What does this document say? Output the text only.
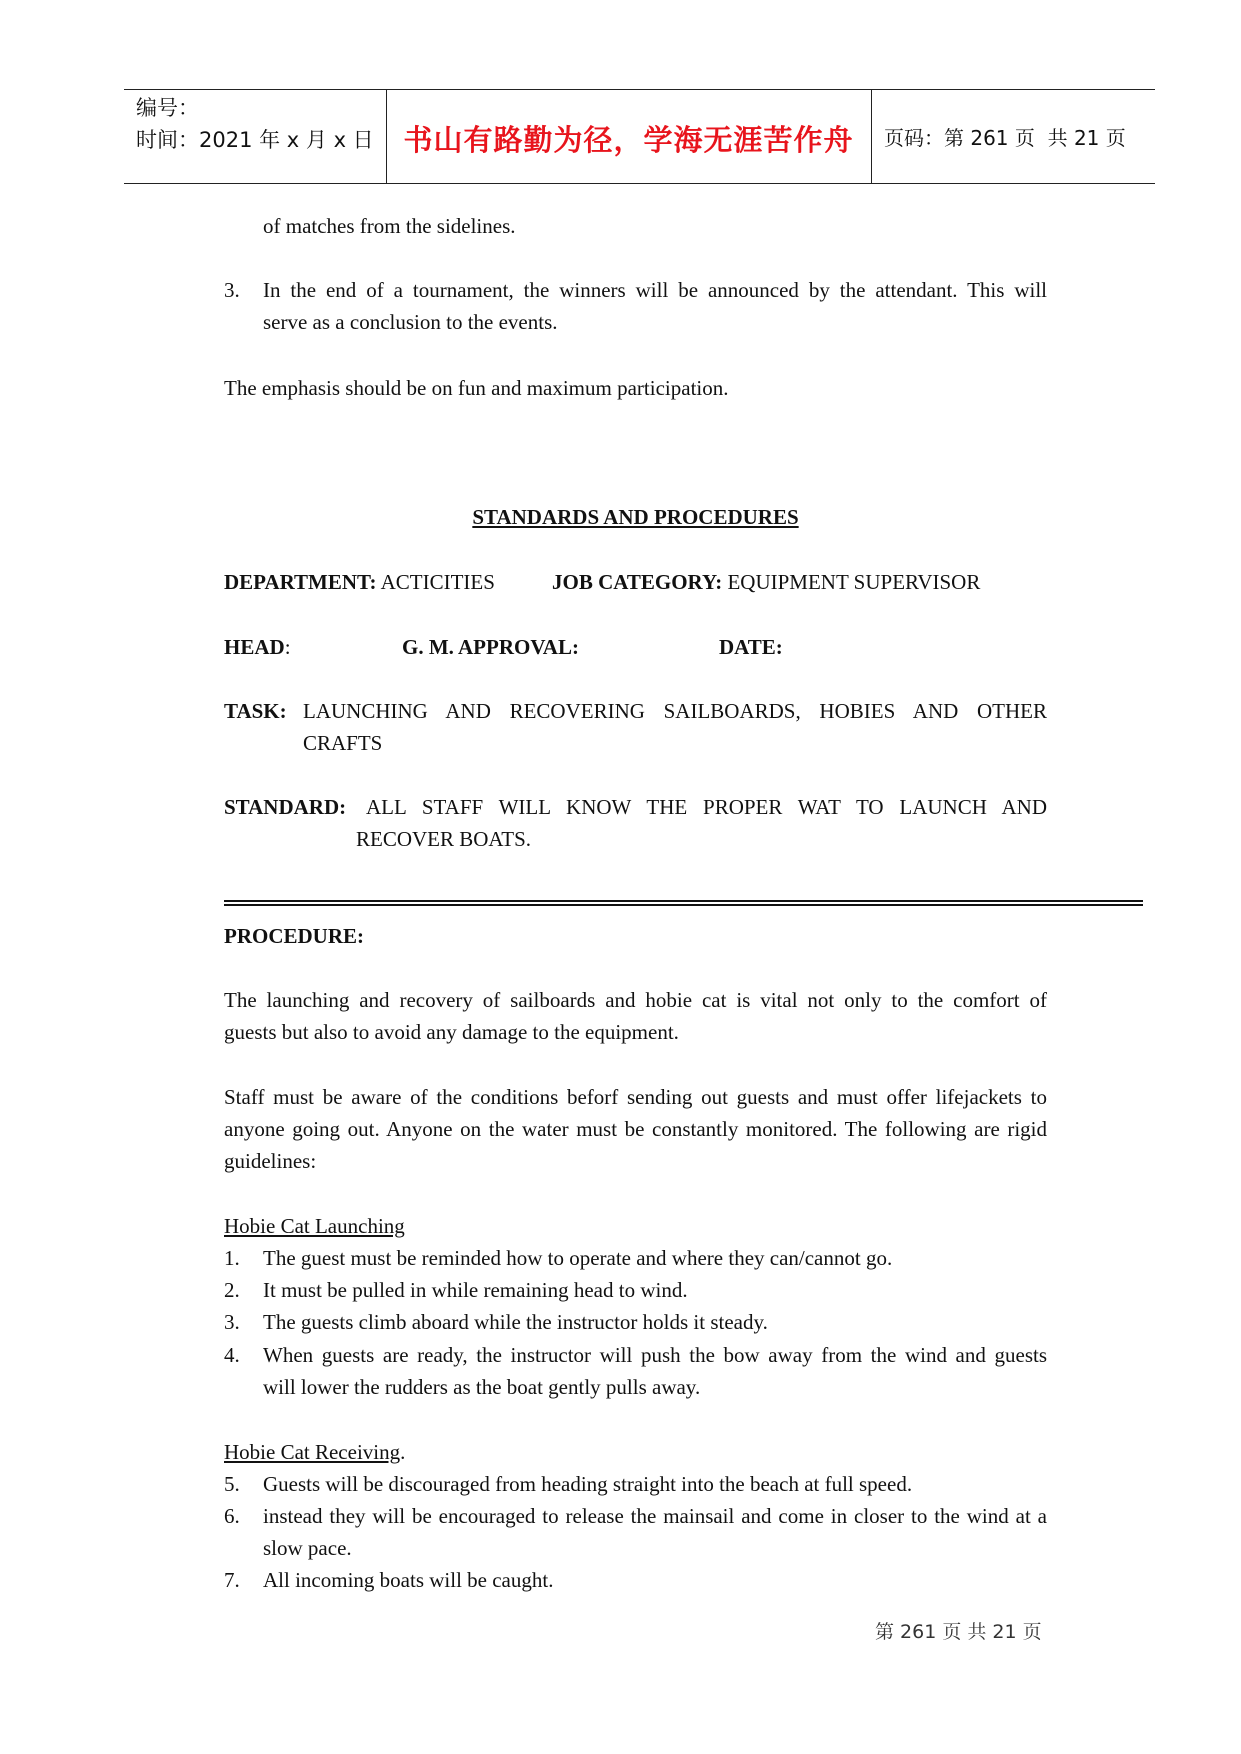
编号：
时间：2021 年 x 月 x 日	书山有路勤为径，学海无涯苦作舟	页码：第 261 页  共 21 页
of matches from the sidelines.
3. In the end of a tournament, the winners will be announced by the attendant. This will
serve as a conclusion to the events.
The emphasis should be on fun and maximum participation.
STANDARDS AND PROCEDURES
DEPARTMENT: ACTICITIES	JOB CATEGORY: EQUIPMENT SUPERVISOR
HEAD:	G. M. APPROVAL:	DATE:
TASK: LAUNCHING AND RECOVERING SAILBOARDS, HOBIES AND OTHER
CRAFTS
STANDARD: ALL STAFF WILL KNOW THE PROPER WAT TO LAUNCH AND
RECOVER BOATS.
PROCEDURE:
The launching and recovery of sailboards and hobie cat is vital not only to the comfort of
guests but also to avoid any damage to the equipment.
Staff must be aware of the conditions beforf sending out guests and must offer lifejackets to
anyone going out. Anyone on the water must be constantly monitored. The following are rigid
guidelines:
Hobie Cat Launching
1. The guest must be reminded how to operate and where they can/cannot go.
2. It must be pulled in while remaining head to wind.
3. The guests climb aboard while the instructor holds it steady.
4. When guests are ready, the instructor will push the bow away from the wind and guests
will lower the rudders as the boat gently pulls away.
Hobie Cat Receiving.
5. Guests will be discouraged from heading straight into the beach at full speed.
6. instead they will be encouraged to release the mainsail and come in closer to the wind at a
slow pace.
7. All incoming boats will be caught.
第 261 页 共 21 页
